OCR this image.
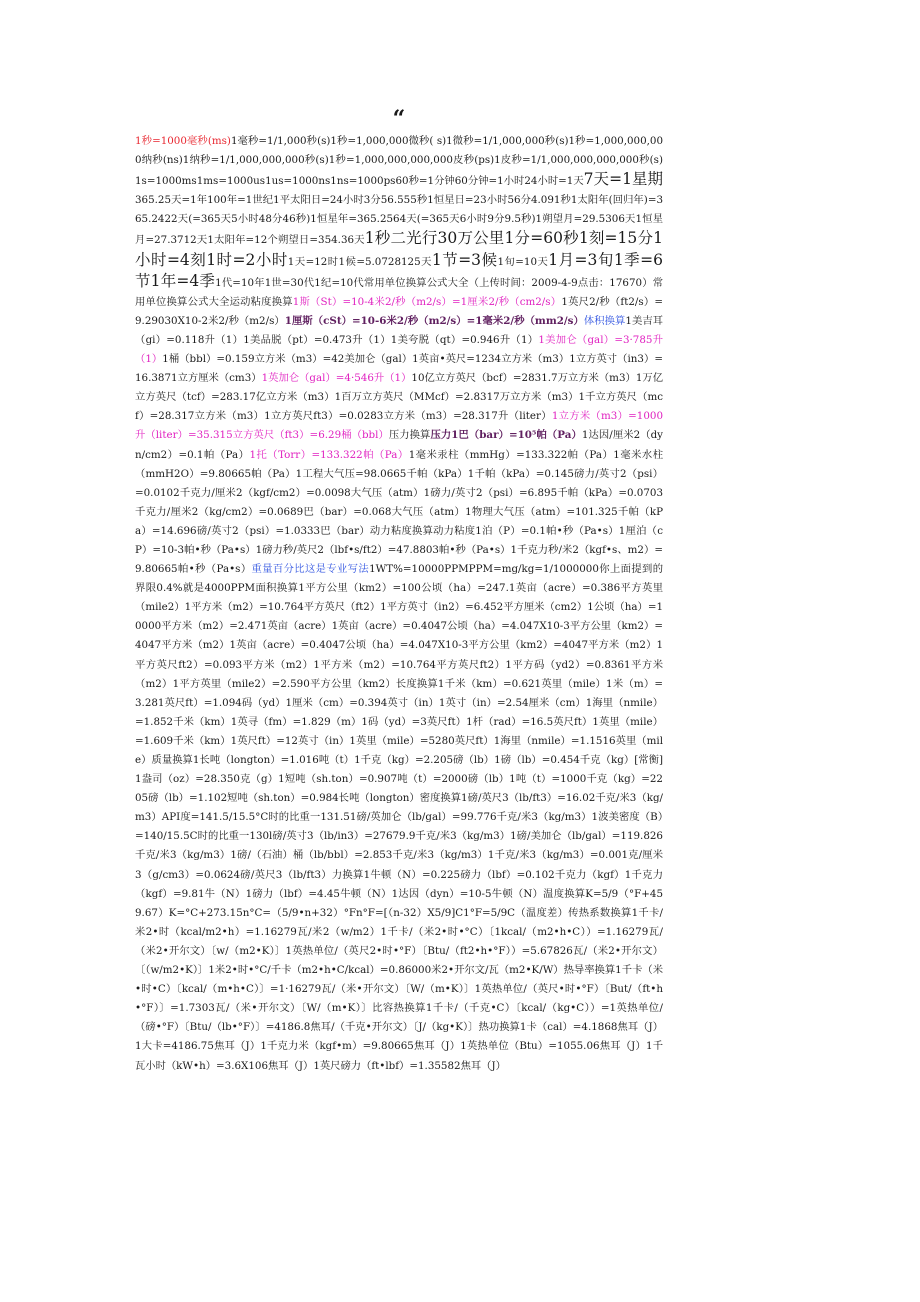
“
1秒=1000毫秒(ms)1毫秒=1/1,000秒(s)1秒=1,000,000微秒( s)1微秒=1/1,000,000秒(s)1秒=1,000,000,000纳秒(ns)1纳秒=1/1,000,000,000秒(s)1秒=1,000,000,000,000皮秒(ps)1皮秒=1/1,000,000,000,000秒(s)1s=1000ms1ms=1000us1us=1000ns1ns=1000ps60秒=1分钟60分钟=1小时24小时=1天7天=1星期365.25天=1年100年=1世纪1平太阳日=24小时3分56.555秒1恒星日=23小时56分4.091秒1太阳年(回归年)=365.2422天(=365天5小时48分46秒)1恒星年=365.2564天(=365天6小时9分9.5秒)1朔望月=29.5306天1恒星月=27.3712天1太阳年=12个朔望日=354.36天1秒二光行30万公里1分=60秒1刻=15分1小时=4刻1时=2小时1天=12时1候=5.0728125天1节=3候1旬=10天1月=3旬1季=6节1年=4季1代=10年1世=30代1纪=10代常用单位换算公式大全（上传时间：2009-4-9点击：17670）常用单位换算公式大全运动粘度换算1斯（St）=10-4米2/秒（m2/s）=1厘米2/秒（cm2/s）1英尺2/秒（ft2/s）=9.29030X10-2米2/秒（m2/s）1厘斯（cSt）=10-6米2/秒（m2/s）=1毫米2/秒（mm2/s）体积换算1美吉耳（gi）=0.118升（1）1美品脱（pt）=0.473升（1）1美夸脱（qt）=0.946升（1）1美加仑（gal）=3·785升（1）1桶（bbl）=0.159立方米（m3）=42美加仑（gal）1英亩•英尺=1234立方米（m3）1立方英寸（in3）=16.3871立方厘米（cm3）1英加仑（gal）=4·546升（1）10亿立方英尺（bcf）=2831.7万立方米（m3）1万亿立方英尺（tcf）=283.17亿立方米（m3）1百万立方英尺（MMcf）=2.8317万立方米（m3）1千立方英尺（mcf）=28.317立方米（m3）1立方英尺ft3）=0.0283立方米（m3）=28.317升（liter）1立方米（m3）=1000升（liter）=35.315立方英尺（ft3）=6.29桶（bbl）压力换算压力1巴（bar）=10⁵帕（Pa）1达因/厘米2（dyn/cm2）=0.1帕（Pa）1托（Torr）=133.322帕（Pa）1毫米汞柱（mmHg）=133.322帕（Pa）1毫米水柱（mmH2O）=9.80665帕（Pa）1工程大气压=98.0665千帕（kPa）1千帕（kPa）=0.145磅力/英寸2（psi）=0.0102千克力/厘米2（kgf/cm2）=0.0098大气压（atm）1磅力/英寸2（psi）=6.895千帕（kPa）=0.0703千克力/厘米2（kg/cm2）=0.0689巴（bar）=0.068大气压（atm）1物理大气压（atm）=101.325千帕（kPa）=14.696磅/英寸2（psi）=1.0333巴（bar）动力粘度换算动力粘度1泊（P）=0.1帕•秒（Pa•s）1厘泊（cP）=10-3帕•秒（Pa•s）1磅力秒/英尺2（lbf•s/ft2）=47.8803帕•秒（Pa•s）1千克力秒/米2（kgf•s、m2）=9.80665帕•秒（Pa•s）重量百分比这是专业写法1WT%=10000PPMPPM=mg/kg=1/1000000你上面提到的界限0.4%就是4000PPM面积换算1平方公里（km2）=100公顷（ha）=247.1英亩（acre）=0.386平方英里（mile2）1平方米（m2）=10.764平方英尺（ft2）1平方英寸（in2）=6.452平方厘米（cm2）1公顷（ha）=10000平方米（m2）=2.471英亩（acre）1英亩（acre）=0.4047公顷（ha）=4.047X10-3平方公里（km2）=4047平方米（m2）1英亩（acre）=0.4047公顷（ha）=4.047X10-3平方公里（km2）=4047平方米（m2）1平方英尺ft2）=0.093平方米（m2）1平方米（m2）=10.764平方英尺ft2）1平方码（yd2）=0.8361平方米（m2）1平方英里（mile2）=2.590平方公里（km2）长度换算1千米（km）=0.621英里（mile）1米（m）=3.281英尺ft）=1.094码（yd）1厘米（cm）=0.394英寸（in）1英寸（in）=2.54厘米（cm）1海里（nmile）=1.852千米（km）1英寻（fm）=1.829（m）1码（yd）=3英尺ft）1杆（rad）=16.5英尺ft）1英里（mile）=1.609千米（km）1英尺ft）=12英寸（in）1英里（mile）=5280英尺ft）1海里（nmile）=1.1516英里（mile）质量换算1长吨（longton）=1.016吨（t）1千克（kg）=2.205磅（lb）1磅（lb）=0.454千克（kg）[常衡]1盎司（oz）=28.350克（g）1短吨（sh.ton）=0.907吨（t）=2000磅（lb）1吨（t）=1000千克（kg）=2205磅（lb）=1.102短吨（sh.ton）=0.984长吨（longton）密度换算1磅/英尺3（lb/ft3）=16.02千克/米3（kg/m3）API度=141.5/15.5°C时的比重一131.51磅/英加仑（lb/gal）=99.776千克/米3（kg/m3）1波美密度（B）=140/15.5C时的比重一130l磅/英寸3（lb/in3）=27679.9千克/米3（kg/m3）1磅/美加仑（lb/gal）=119.826千克/米3（kg/m3）1磅/（石油）桶（lb/bbl）=2.853千克/米3（kg/m3）1千克/米3（kg/m3）=0.001克/厘米3（g/cm3）=0.0624磅/英尺3（lb/ft3）力换算1牛顿（N）=0.225磅力（lbf）=0.102千克力（kgf）1千克力（kgf）=9.81牛（N）1磅力（lbf）=4.45牛顿（N）1达因（dyn）=10-5牛顿（N）温度换算K=5/9（°F+459.67）K=°C+273.15n°C=（5/9•n+32）°Fn°F=[（n-32）X5/9]C1°F=5/9C（温度差）传热系数换算1千卡/米2•时（kcal/m2•h）=1.16279瓦/米2（w/m2）1千卡/（米2•时•°C）〔1kcal/（m2•h•C））=1.16279瓦/（米2•开尔文）〔w/（m2•K）〕1英热单位/（英尺2•时•°F）〔Btu/（ft2•h•°F））=5.67826瓦/（米2•开尔文）〔（w/m2•K）〕1米2•时•°C/千卡（m2•h•C/kcal）=0.86000米2•开尔文/瓦（m2•K/W）热导率换算1千卡（米•时•C）〔kcal/（m•h•C）〕=1·16279瓦/（米•开尔文）〔W/（m•K）〕1英热单位/（英尺•时•°F）〔But/（ft•h•°F）〕=1.7303瓦/（米•开尔文）〔W/（m•K）〕比容热换算1千卡/（千克•C）〔kcal/（kg•C））=1英热单位/（磅•°F）〔Btu/（lb•°F）〕=4186.8焦耳/（千克•开尔文）〔J/（kg•K）〕热功换算1卡（cal）=4.1868焦耳（J）1大卡=4186.75焦耳（J）1千克力米（kgf•m）=9.80665焦耳（J）1英热单位（Btu）=1055.06焦耳（J）1千瓦小时（kW•h）=3.6X106焦耳（J）1英尺磅力（ft•lbf）=1.35582焦耳（J）
